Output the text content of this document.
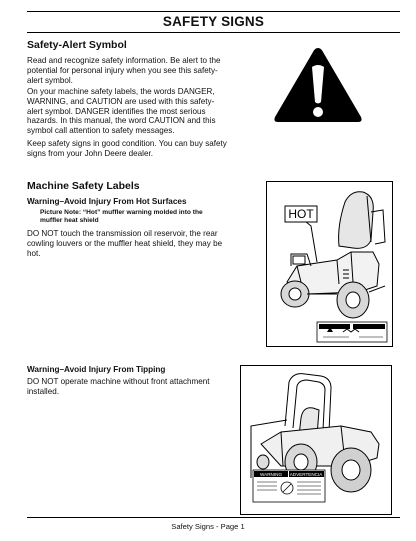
SAFETY SIGNS
Safety-Alert Symbol
Read and recognize safety information. Be alert to the
potential for personal injury when you see this safety-
alert symbol.
On your machine safety labels, the words DANGER,
WARNING, and CAUTION are used with this safety-
alert symbol. DANGER identifies the most serious
hazards. In this manual, the word CAUTION and this
symbol call attention to safety messages.
Keep safety signs in good condition. You can buy safety
signs from your John Deere dealer.
Machine Safety Labels
Warning–Avoid Injury From Hot Surfaces
Picture Note: “Hot” muffler warning molded into the
muffler heat shield
DO NOT touch the transmission oil reservoir, the rear
cowling louvers or the muffler heat shield, they may be
hot.
HOT
Warning–Avoid Injury From Tipping
DO NOT operate machine without front attachment
installed.
WARNING ADVERTENCIA
Safety Signs - Page 1
